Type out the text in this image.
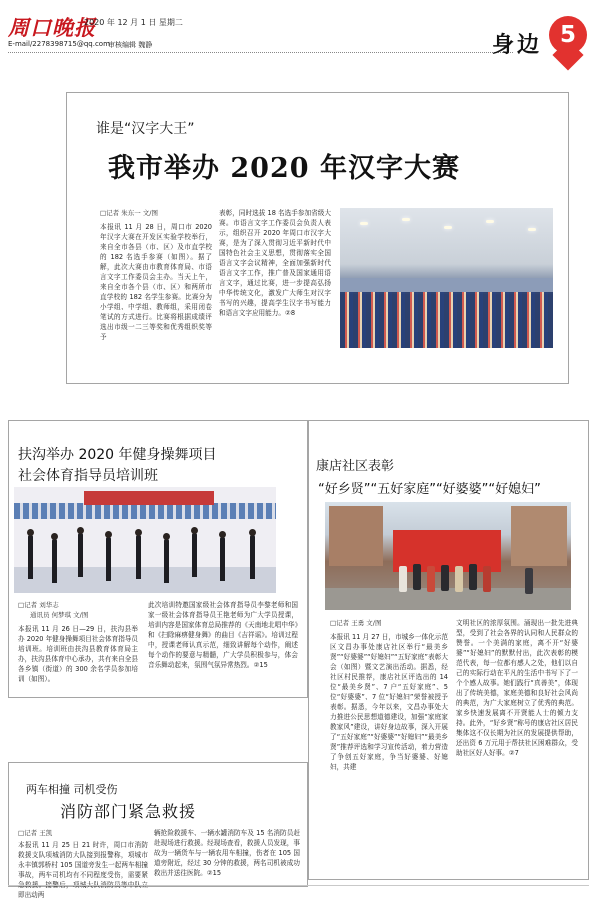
周口晚报
2020 年 12 月 1 日 星期二
E-mail/2278398715@qq.com
审核编辑 魏静	身边 5
谁是“汉字大王”
我市举办 2020 年汉字大赛
□记者 朱东一 文/图
本报讯 11 月 28 日，周口市 2020 年汉字大赛在开发区实验学校举行，来自全市各县（市、区）及市直学校的 182 名选手参赛（如图）。据了解，此次大赛由市教育体育局、市语言文字工作委员会主办。当天上午，来自全市各个县（市、区）和两所市直学校的 182 名学生参赛。比赛分为小学组、中学组、教师组，采用闭卷笔试的方式进行。比赛将根据成绩评选出市级一二三等奖和优秀组织奖等予
表彰，同时选拔 18 名选手参加省级大赛。市语言文字工作委员会负责人表示，组织召开 2020 年周口市汉字大赛，是为了深入贯彻习近平新时代中国特色社会主义思想，贯彻落实全国语言文字会议精神，全面加强新时代语言文字工作，推广普及国家通用语言文字，通过比赛，进一步提高弘扬中华传统文化，激发广大师生对汉字书写的兴趣，提高学生汉字书写能力和语言文字应用能力。②8
扶沟举办 2020 年健身操舞项目
社会体育指导员培训班
□记者 刘华志
通讯员 何梦琪 文/图
本报讯 11 月 26 日—29 日，扶沟县举办 2020 年健身操舞项目社会体育指导员培训班。培训班由扶沟县教育体育局主办，扶沟县体育中心承办，共有来自全县各乡镇（街道）的 300 余名学员参加培训（如图）。
此次培训特邀国家级社会体育指导员李黎老师和国家一级社会体育指导员王艳老师为广大学员授课，培训内容是国家体育总局推荐的《天南地北唱中华》和《扫除麻痹健身舞》的曲目《吉祥谣》。培训过程中，授课老师认真示范，细致讲解每个动作，阐述每个动作的要意与精髓，广大学员积极参与，体会音乐舞动起来，氛围气氛异常热烈。②15
两车相撞 司机受伤
消防部门紧急救援
□记者 王凯
本报讯 11 月 25 日 21 时许，周口市消防救援支队项城消防大队接到报警称，项城市永丰镇郭桥村 105 国道旁发生一起两车相撞事故，两车司机均有不同程度受伤，需要紧急救援。接警后，项城大队消防员等中队立即出动两
辆抢险救援车、一辆水罐消防车及 15 名消防员赶赴现场进行救援。经现场查看，救援人员发现，事故为一辆货车与一辆农用车相撞，伤者在 105 国道旁附近，经过 30 分钟的救援，两名司机被成功救出并送往医院。②15
康店社区表彰
“好乡贤”“五好家庭”“好婆婆”“好媳妇”
□记者 王勇 文/图
本报讯 11 月 27 日，市城乡一体化示范区文昌办事处康店社区举行“最美乡贤”“好婆婆”“好媳妇”“五好家庭”表彰大会（如图）暨文艺演出活动。据悉，经社区村民推荐，康店社区评选出的 14 位“最美乡贤”、7 户“五好家庭”、5 位“好婆婆”、7 位“好媳妇”荣誉被授予表彰。据悉，今年以来，文昌办事处大力推进公民思想道德建设，加强“家庭家教家风”建设，讲好身边故事，深入开展了“五好家庭”“好婆婆”“好媳妇”“最美乡贤”推荐评选和学习宣传活动，着力营造了争创五好家庭，争当好婆婆、好媳妇，共建
文明社区的浓厚氛围。涌现出一批先进典型，受到了社会各界的认同和人民群众的赞誉。一个美满的家庭，离不开“好婆婆”“好媳妇”的默默付出，此次表彰的模范代表，每一位都有感人之处，他们以自己的实际行动在平凡的生活中书写下了一个个感人故事。她们践行“真善美”，体现出了传统美德，家庭美德和良好社会风尚的典范，为广大家庭树立了优秀的典范。家乡快速发展离不开贤能人士的倾力支持。此外，“好乡贤”称号的康店社区居民集体这不仅长期为社区的发展提供帮助，还出资 6 万元用于帮扶社区困难群众，受助社区好人好事。②7
